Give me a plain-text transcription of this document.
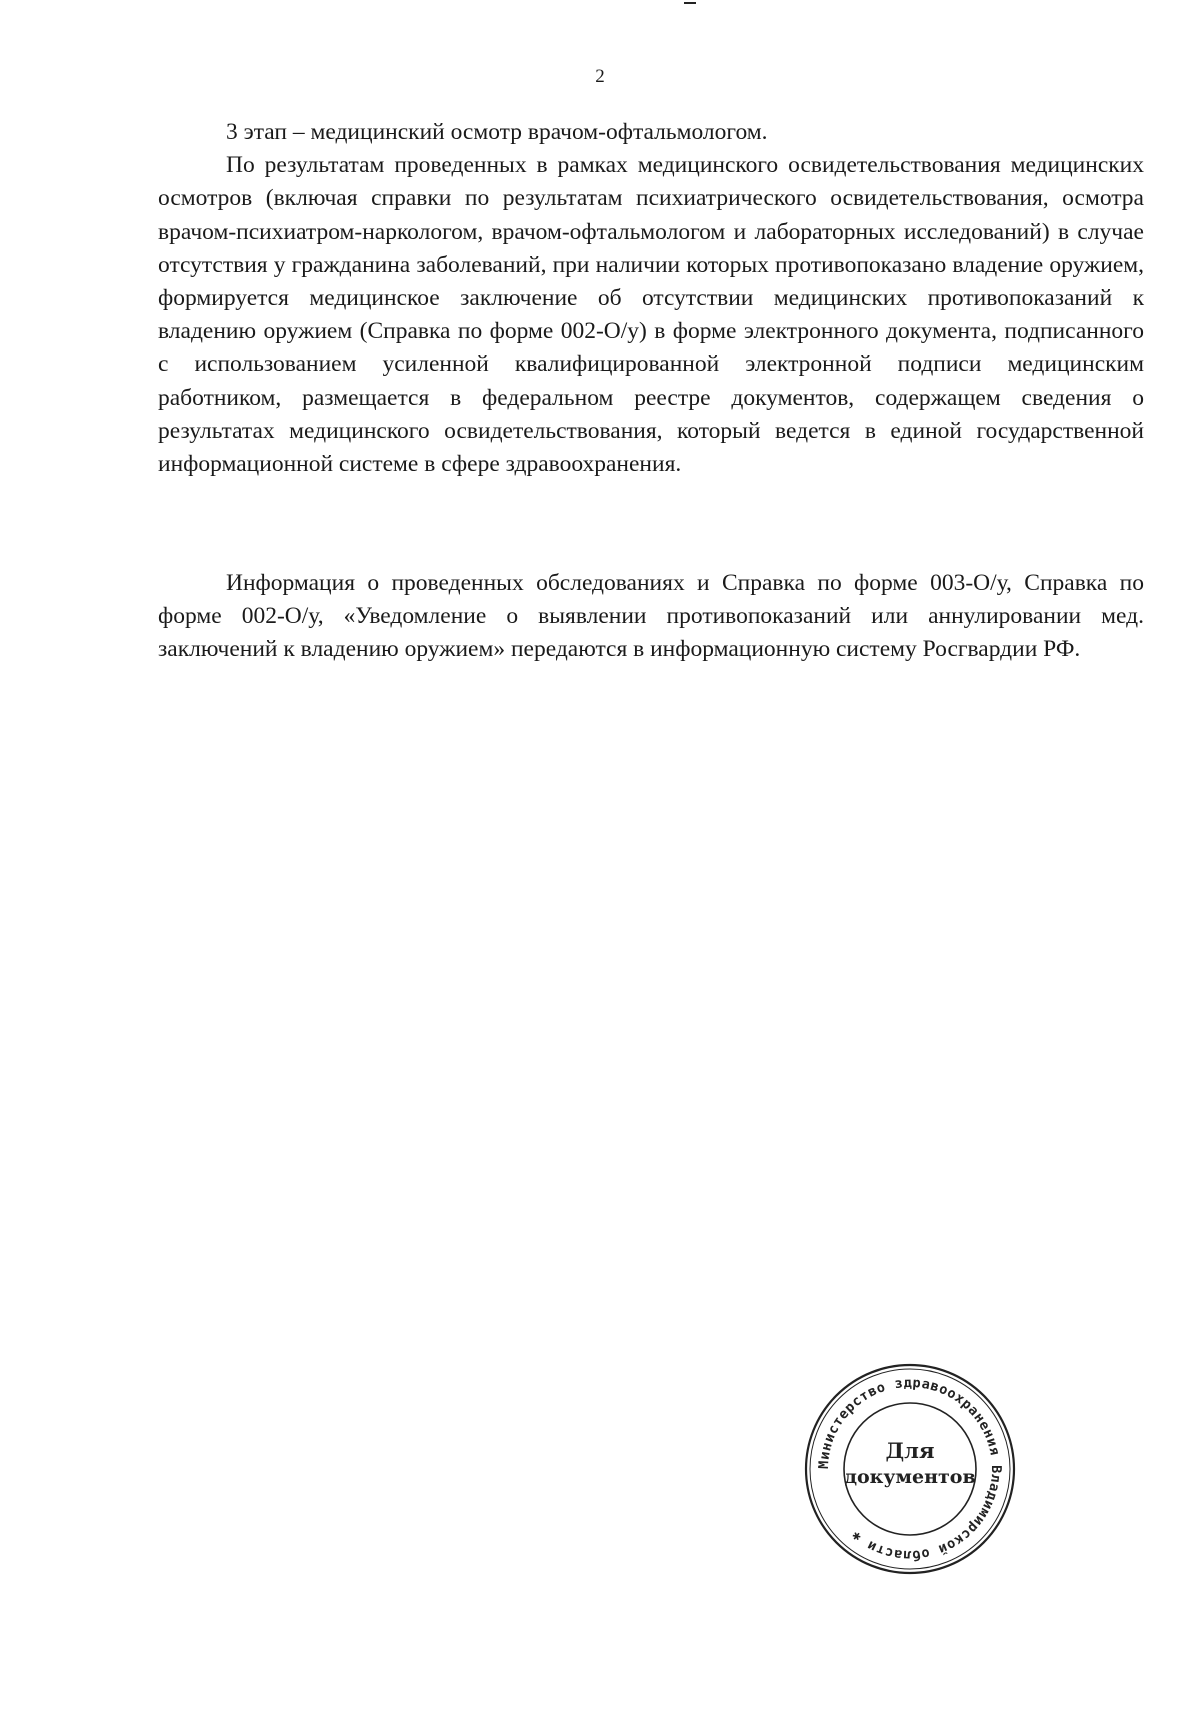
2

3 этап – медицинский осмотр врачом-офтальмологом.

По результатам проведенных в рамках медицинского освидетельствования медицинских осмотров (включая справки по результатам психиатрического освидетельствования, осмотра врачом-психиатром-наркологом, врачом-офтальмологом и лабораторных исследований) в случае отсутствия у гражданина заболеваний, при наличии которых противопоказано владение оружием, формируется медицинское заключение об отсутствии медицинских противопоказаний к владению оружием (Справка по форме 002-О/у) в форме электронного документа, подписанного с использованием усиленной квалифицированной электронной подписи медицинским работником, размещается в федеральном реестре документов, содержащем сведения о результатах медицинского освидетельствования, который ведется в единой государственной информационной системе в сфере здравоохранения.

Информация о проведенных обследованиях и Справка по форме 003-О/у, Справка по форме 002-О/у, «Уведомление о выявлении противопоказаний или аннулировании мед. заключений к владению оружием» передаются в информационную систему Росгвардии РФ.

Министерство здравоохранения Владимирской области ✱
Для
документов
